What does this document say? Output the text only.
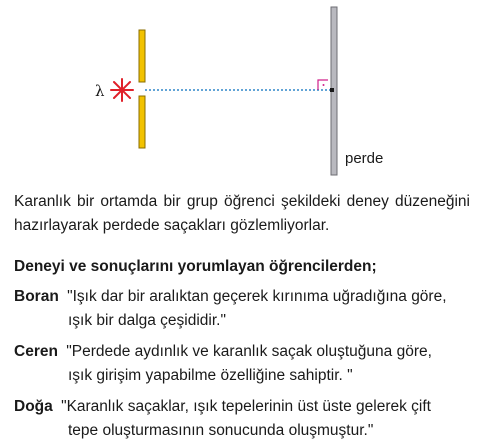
λ
perde
Karanlık bir ortamda bir grup öğrenci şekildeki deney düzeneğini hazırlayarak perdede saçakları gözlemliyorlar.
Deneyi ve sonuçlarını yorumlayan öğrencilerden;
Boran "Işık dar bir aralıktan geçerek kırınıma uğradığına göre,
ışık bir dalga çeşididir."
Ceren "Perdede aydınlık ve karanlık saçak oluştuğuna göre,
ışık girişim yapabilme özelliğine sahiptir. "
Doğa "Karanlık saçaklar, ışık tepelerinin üst üste gelerek çift
tepe oluşturmasının sonucunda oluşmuştur."
